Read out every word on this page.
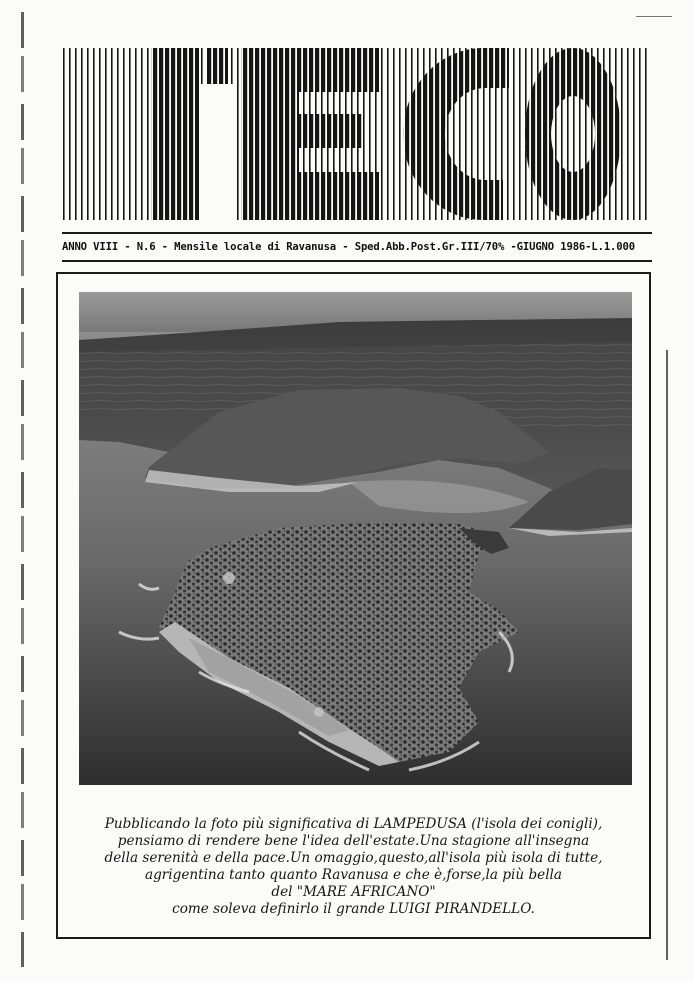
ANNO VIII - N.6 - Mensile locale di Ravanusa - Sped.Abb.Post.Gr.III/70% -GIUGNO 1986-L.1.000
Pubblicando la foto più significativa di LAMPEDUSA (l'isola dei conigli),
pensiamo di rendere bene l'idea dell'estate.Una stagione all'insegna
della serenità e della pace.Un omaggio,questo,all'isola più isola di tutte,
agrigentina tanto quanto Ravanusa e che è,forse,la più bella
del "MARE AFRICANO"
come soleva definirlo il grande LUIGI PIRANDELLO.
